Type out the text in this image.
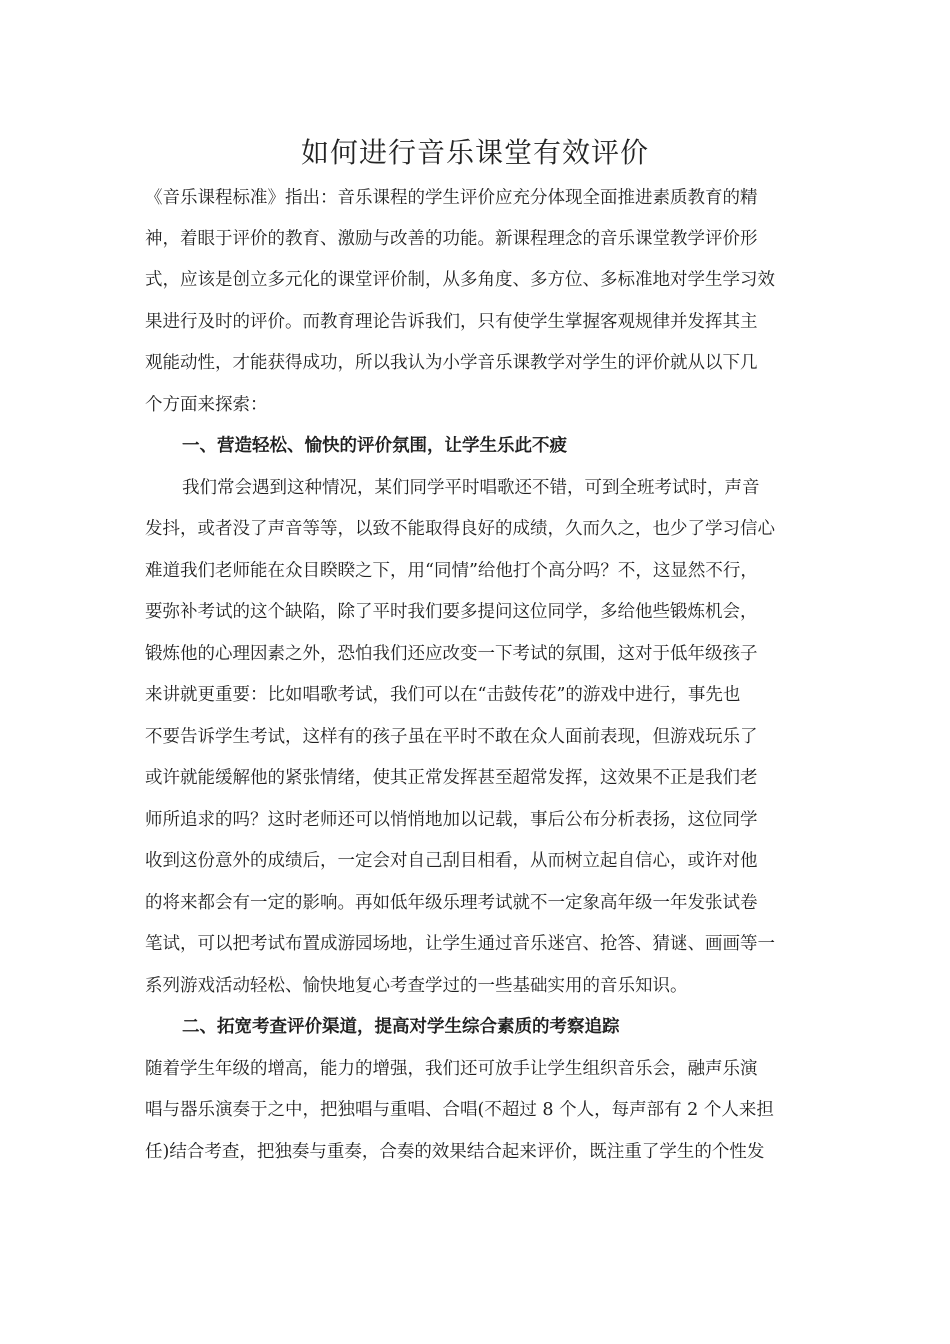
如何进行音乐课堂有效评价
《音乐课程标准》指出：音乐课程的学生评价应充分体现全面推进素质教育的精
神，着眼于评价的教育、激励与改善的功能。新课程理念的音乐课堂教学评价形
式，应该是创立多元化的课堂评价制，从多角度、多方位、多标准地对学生学习效
果进行及时的评价。而教育理论告诉我们，只有使学生掌握客观规律并发挥其主
观能动性，才能获得成功，所以我认为小学音乐课教学对学生的评价就从以下几
个方面来探索：
一、营造轻松、愉快的评价氛围，让学生乐此不疲
我们常会遇到这种情况，某们同学平时唱歌还不错，可到全班考试时，声音
发抖，或者没了声音等等，以致不能取得良好的成绩，久而久之，也少了学习信心
难道我们老师能在众目睽睽之下，用“同情”给他打个高分吗？不，这显然不行，
要弥补考试的这个缺陷，除了平时我们要多提问这位同学，多给他些锻炼机会，
锻炼他的心理因素之外，恐怕我们还应改变一下考试的氛围，这对于低年级孩子
来讲就更重要：比如唱歌考试，我们可以在“击鼓传花”的游戏中进行，事先也
不要告诉学生考试，这样有的孩子虽在平时不敢在众人面前表现，但游戏玩乐了
或许就能缓解他的紧张情绪，使其正常发挥甚至超常发挥，这效果不正是我们老
师所追求的吗？这时老师还可以悄悄地加以记载，事后公布分析表扬，这位同学
收到这份意外的成绩后，一定会对自己刮目相看，从而树立起自信心，或许对他
的将来都会有一定的影响。再如低年级乐理考试就不一定象高年级一年发张试卷
笔试，可以把考试布置成游园场地，让学生通过音乐迷宫、抢答、猜谜、画画等一
系列游戏活动轻松、愉快地复心考查学过的一些基础实用的音乐知识。
二、拓宽考查评价渠道，提高对学生综合素质的考察追踪
随着学生年级的增高，能力的增强，我们还可放手让学生组织音乐会，融声乐演
唱与器乐演奏于之中，把独唱与重唱、合唱(不超过 8 个人，每声部有 2 个人来担
任)结合考查，把独奏与重奏，合奏的效果结合起来评价，既注重了学生的个性发
